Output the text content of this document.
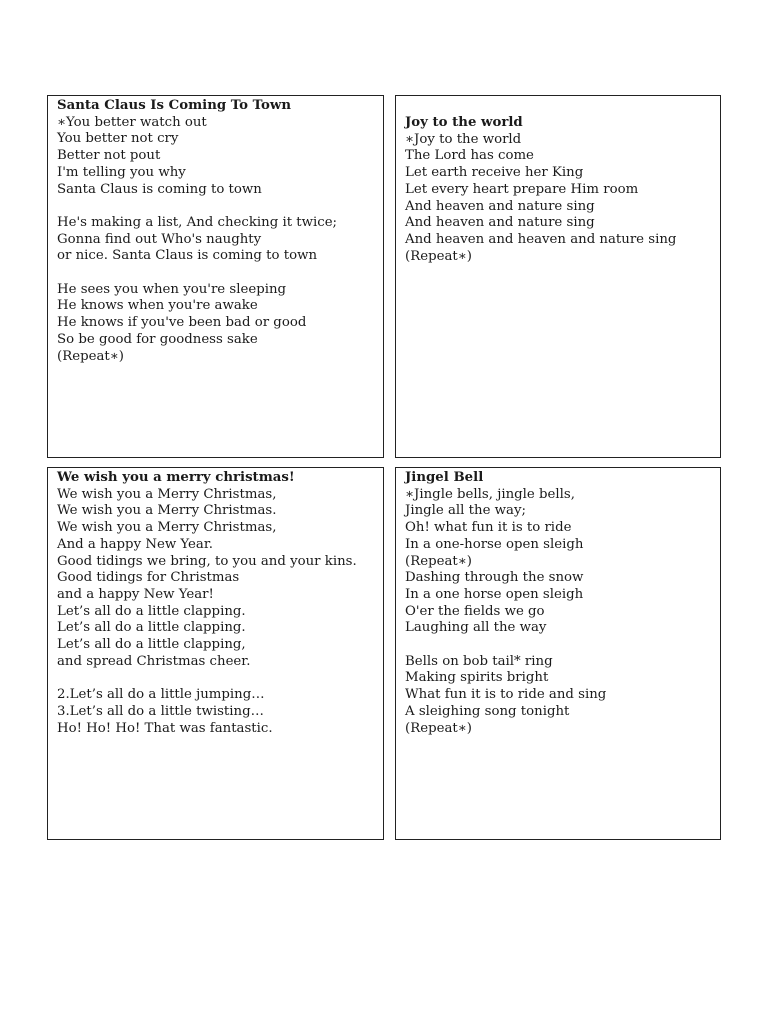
Santa Claus Is Coming To Town
∗You better watch out
You better not cry
Better not pout
I'm telling you why
Santa Claus is coming to town
He's making a list, And checking it twice;
Gonna find out Who's naughty
or nice. Santa Claus is coming to town
He sees you when you're sleeping
He knows when you're awake
He knows if you've been bad or good
So be good for goodness sake
(Repeat∗)
Joy to the world
∗Joy to the world
The Lord has come
Let earth receive her King
Let every heart prepare Him room
And heaven and nature sing
And heaven and nature sing
And heaven and heaven and nature sing
(Repeat∗)
We wish you a merry christmas!
We wish you a Merry Christmas,
We wish you a Merry Christmas.
We wish you a Merry Christmas,
And a happy New Year.
Good tidings we bring, to you and your kins.
Good tidings for Christmas
and a happy New Year!
Let’s all do a little clapping.
Let’s all do a little clapping.
Let’s all do a little clapping,
and spread Christmas cheer.
2.Let’s all do a little jumping…
3.Let’s all do a little twisting…
Ho! Ho! Ho! That was fantastic.
Jingel Bell
∗Jingle bells, jingle bells,
Jingle all the way;
Oh! what fun it is to ride
In a one-horse open sleigh
(Repeat∗)
Dashing through the snow
In a one horse open sleigh
O'er the fields we go
Laughing all the way
Bells on bob tail* ring
Making spirits bright
What fun it is to ride and sing
A sleighing song tonight
(Repeat∗)
